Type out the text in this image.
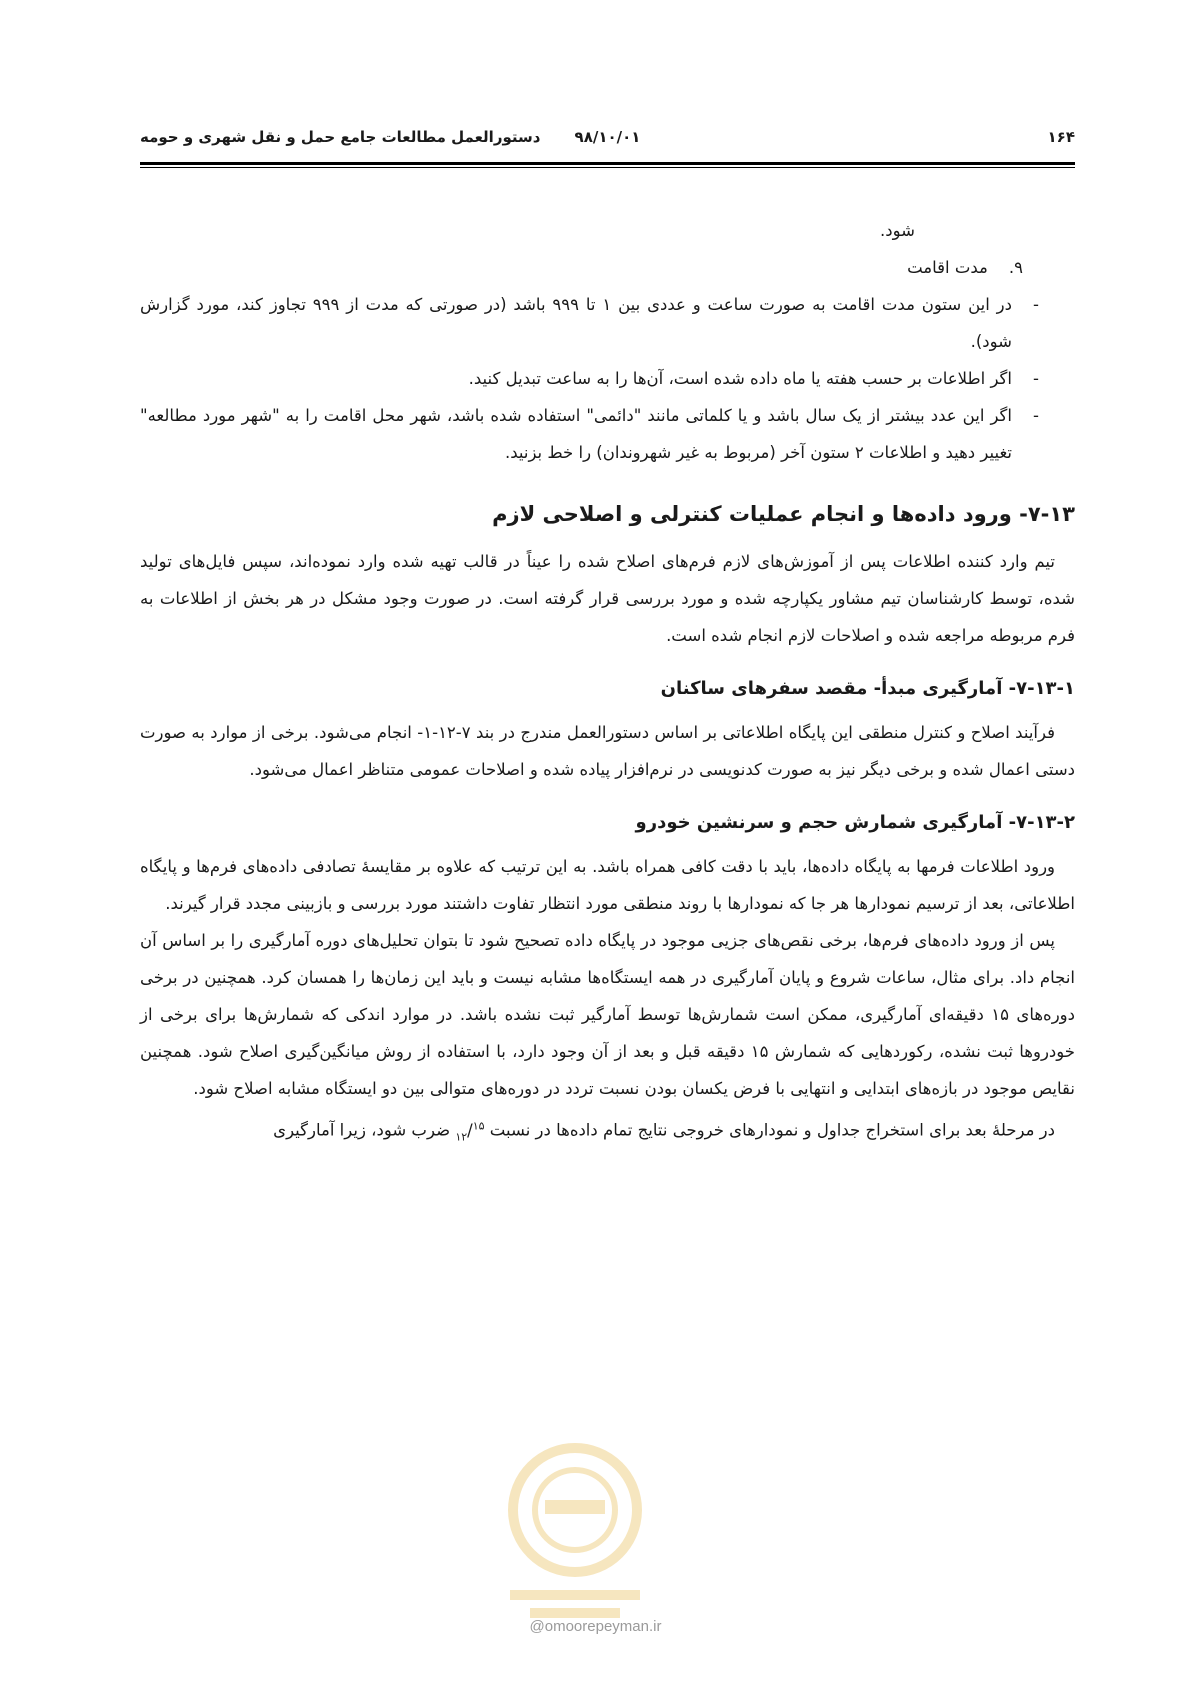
۱۶۴
۹۸/۱۰/۰۱
دستورالعمل مطالعات جامع حمل و نقل شهری و حومه

شود.

۹.    مدت اقامت

-
در این ستون مدت اقامت به صورت ساعت و عددی بین ۱ تا ۹۹۹ باشد (در صورتی که مدت از ۹۹۹ تجاوز کند، مورد گزارش شود).
-
اگر اطلاعات بر حسب هفته یا ماه داده شده است، آن‌ها را به ساعت تبدیل کنید.
-
اگر این عدد بیشتر از یک سال باشد و یا کلماتی مانند "دائمی" استفاده شده باشد، شهر محل اقامت را به "شهر مورد مطالعه" تغییر دهید و اطلاعات ۲ ستون آخر (مربوط به غیر شهروندان) را خط بزنید.
۷-۱۳- ورود داده‌ها و انجام عملیات کنترلی و اصلاحی لازم

تیم وارد کننده اطلاعات پس از آموزش‌های لازم فرم‌های اصلاح شده را عیناً در قالب تهیه شده وارد نموده‌اند، سپس فایل‌های تولید شده، توسط کارشناسان تیم مشاور یکپارچه شده و مورد بررسی قرار گرفته است. در صورت وجود مشکل در هر بخش از اطلاعات به فرم مربوطه مراجعه شده و اصلاحات لازم انجام شده است.

۷-۱۳-۱- آمارگیری مبدأ- مقصد سفرهای ساکنان

فرآیند اصلاح و کنترل منطقی این پایگاه اطلاعاتی بر اساس دستورالعمل مندرج در بند ۷-۱۲-۱- انجام می‌شود. برخی از موارد به صورت دستی اعمال شده و برخی دیگر نیز به صورت کدنویسی در نرم‌افزار پیاده شده و اصلاحات عمومی متناظر اعمال می‌شود.

۷-۱۳-۲- آمارگیری شمارش حجم و سرنشین خودرو

ورود اطلاعات فرمها به پایگاه داده‌ها، باید با دقت کافی همراه باشد. به این ترتیب که علاوه بر مقایسهٔ تصادفی داده‌های فرم‌ها و پایگاه اطلاعاتی، بعد از ترسیم نمودارها هر جا که نمودارها با روند منطقی مورد انتظار تفاوت داشتند مورد بررسی و بازبینی مجدد قرار گیرند.

پس از ورود داده‌های فرم‌ها، برخی نقص‌های جزیی موجود در پایگاه داده تصحیح شود تا بتوان تحلیل‌های دوره آمارگیری را بر اساس آن انجام داد. برای مثال، ساعات شروع و پایان آمارگیری در همه ایستگاه‌ها مشابه نیست و باید این زمان‌ها را همسان کرد. همچنین در برخی دوره‌های ۱۵ دقیقه‌ای آمارگیری، ممکن است شمارش‌ها توسط آمارگیر ثبت نشده باشد. در موارد اندکی که شمارش‌ها برای برخی از خودروها ثبت نشده، رکوردهایی که شمارش ۱۵ دقیقه قبل و بعد از آن وجود دارد، با استفاده از روش میانگین‌گیری اصلاح شود. همچنین نقایص موجود در بازه‌های ابتدایی و انتهایی با فرض یکسان بودن نسبت تردد در دوره‌های متوالی بین دو ایستگاه مشابه اصلاح شود.

در مرحلهٔ بعد برای استخراج جداول و نمودارهای خروجی نتایج تمام داده‌ها در نسبت $_{۱۲}$/$^{۱۵}$ ضرب شود، زیرا آمارگیری

@omoorepeyman.ir
